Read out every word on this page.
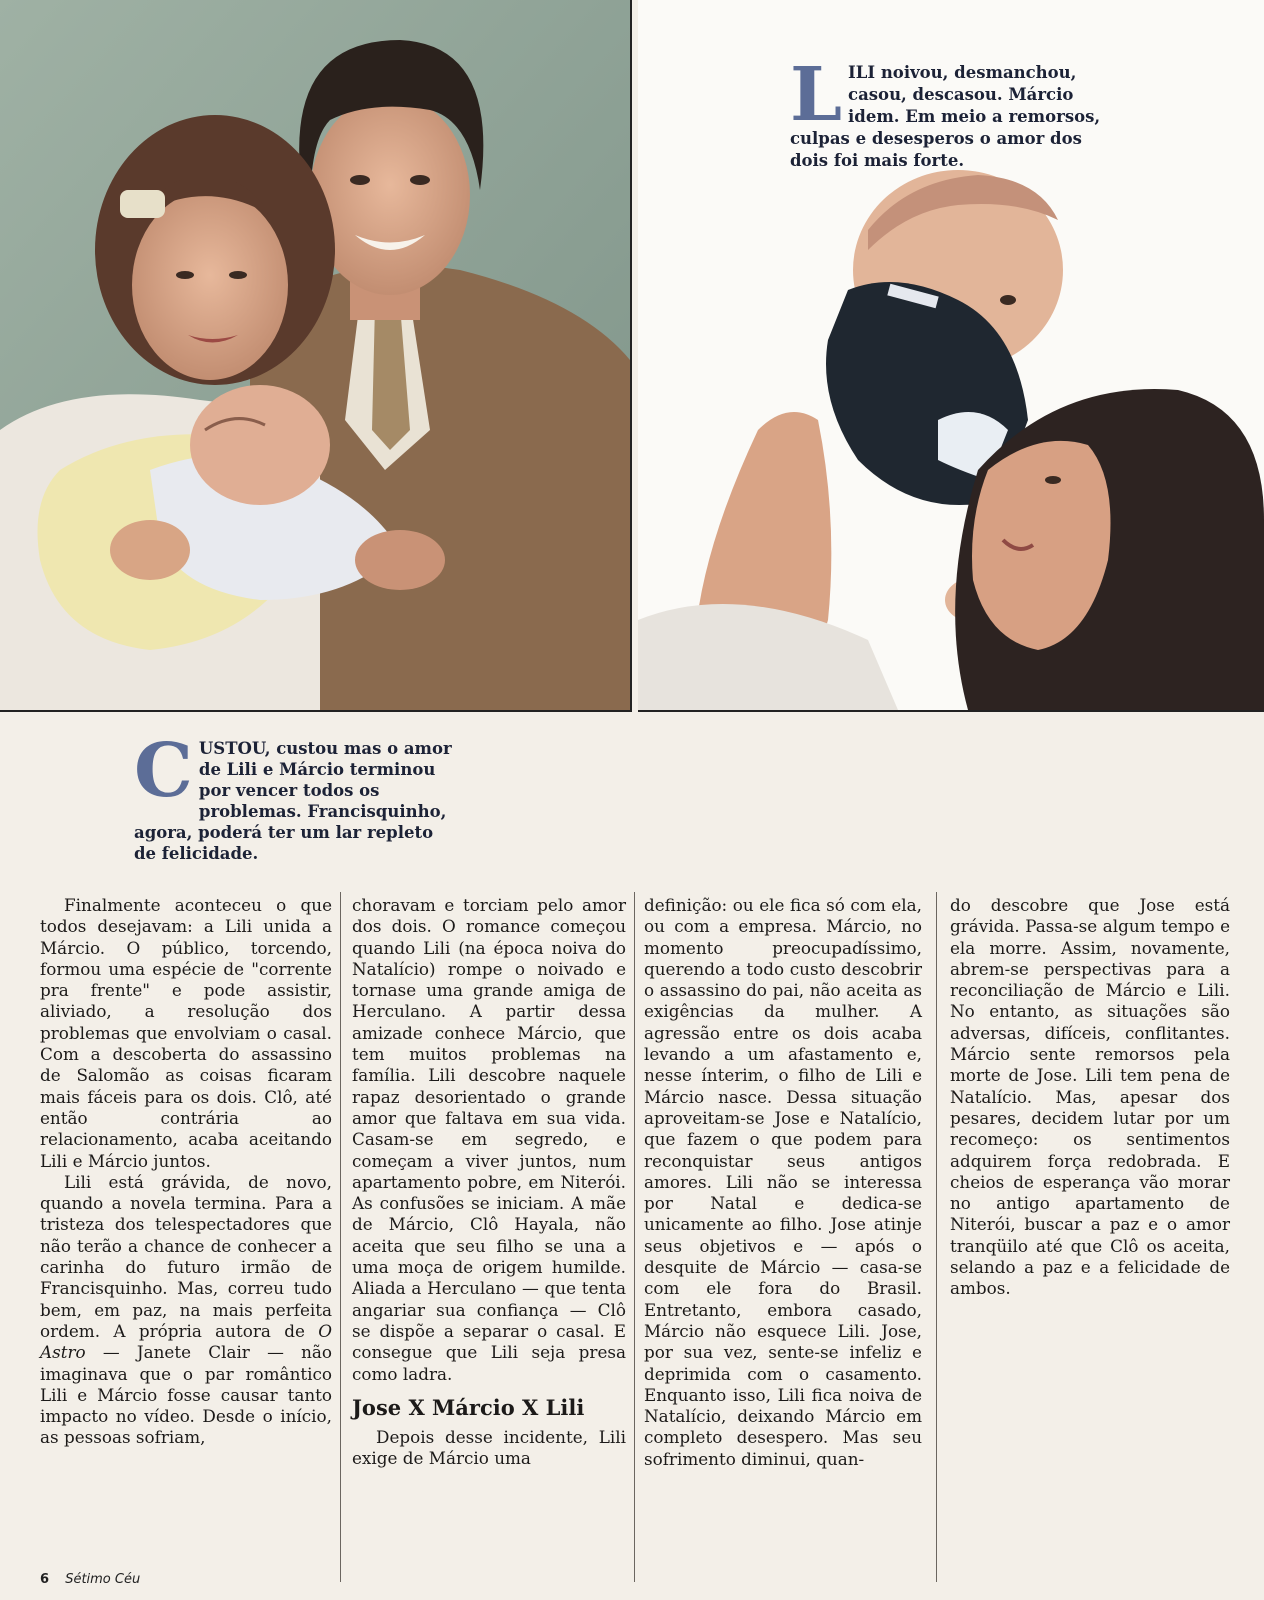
L ILI noivou, desmanchou, casou, descasou. Márcio idem. Em meio a remorsos, culpas e desesperos o amor dos dois foi mais forte.
C USTOU, custou mas o amor de Lili e Márcio terminou por vencer todos os problemas. Francisquinho, agora, poderá ter um lar repleto de felicidade.

Finalmente aconteceu o que todos desejavam: a Lili unida a Márcio. O público, torcendo, formou uma espécie de "corrente pra frente" e pode assistir, aliviado, a resolução dos problemas que envolviam o casal. Com a descoberta do assassino de Salomão as coisas ficaram mais fáceis para os dois. Clô, até então contrária ao relacionamento, acaba aceitando Lili e Márcio juntos.

Lili está grávida, de novo, quando a novela termina. Para a tristeza dos telespectadores que não terão a chance de conhecer a carinha do futuro irmão de Francisquinho. Mas, correu tudo bem, em paz, na mais perfeita ordem. A própria autora de O Astro — Janete Clair — não imaginava que o par romântico Lili e Márcio fosse causar tanto impacto no vídeo. Desde o início, as pessoas sofriam,

choravam e torciam pelo amor dos dois. O romance começou quando Lili (na época noiva do Natalício) rompe o noivado e tornase uma grande amiga de Herculano. A partir dessa amizade conhece Márcio, que tem muitos problemas na família. Lili descobre naquele rapaz desorientado o grande amor que faltava em sua vida. Casam-se em segredo, e começam a viver juntos, num apartamento pobre, em Niterói. As confusões se iniciam. A mãe de Márcio, Clô Hayala, não aceita que seu filho se una a uma moça de origem humilde. Aliada a Herculano — que tenta angariar sua confiança — Clô se dispõe a separar o casal. E consegue que Lili seja presa como ladra.

Jose X Márcio X Lili

Depois desse incidente, Lili exige de Márcio uma

definição: ou ele fica só com ela, ou com a empresa. Márcio, no momento preocupadíssimo, querendo a todo custo descobrir o assassino do pai, não aceita as exigências da mulher. A agressão entre os dois acaba levando a um afastamento e, nesse ínterim, o filho de Lili e Márcio nasce. Dessa situação aproveitam-se Jose e Natalício, que fazem o que podem para reconquistar seus antigos amores. Lili não se interessa por Natal e dedica-se unicamente ao filho. Jose atinje seus objetivos e — após o desquite de Márcio — casa-se com ele fora do Brasil. Entretanto, embora casado, Márcio não esquece Lili. Jose, por sua vez, sente-se infeliz e deprimida com o casamento. Enquanto isso, Lili fica noiva de Natalício, deixando Márcio em completo desespero. Mas seu sofrimento diminui, quan-

do descobre que Jose está grávida. Passa-se algum tempo e ela morre. Assim, novamente, abrem-se perspectivas para a reconciliação de Márcio e Lili. No entanto, as situações são adversas, difíceis, conflitantes. Márcio sente remorsos pela morte de Jose. Lili tem pena de Natalício. Mas, apesar dos pesares, decidem lutar por um recomeço: os sentimentos adquirem força redobrada. E cheios de esperança vão morar no antigo apartamento de Niterói, buscar a paz e o amor tranqüilo até que Clô os aceita, selando a paz e a felicidade de ambos.

6 Sétimo Céu
